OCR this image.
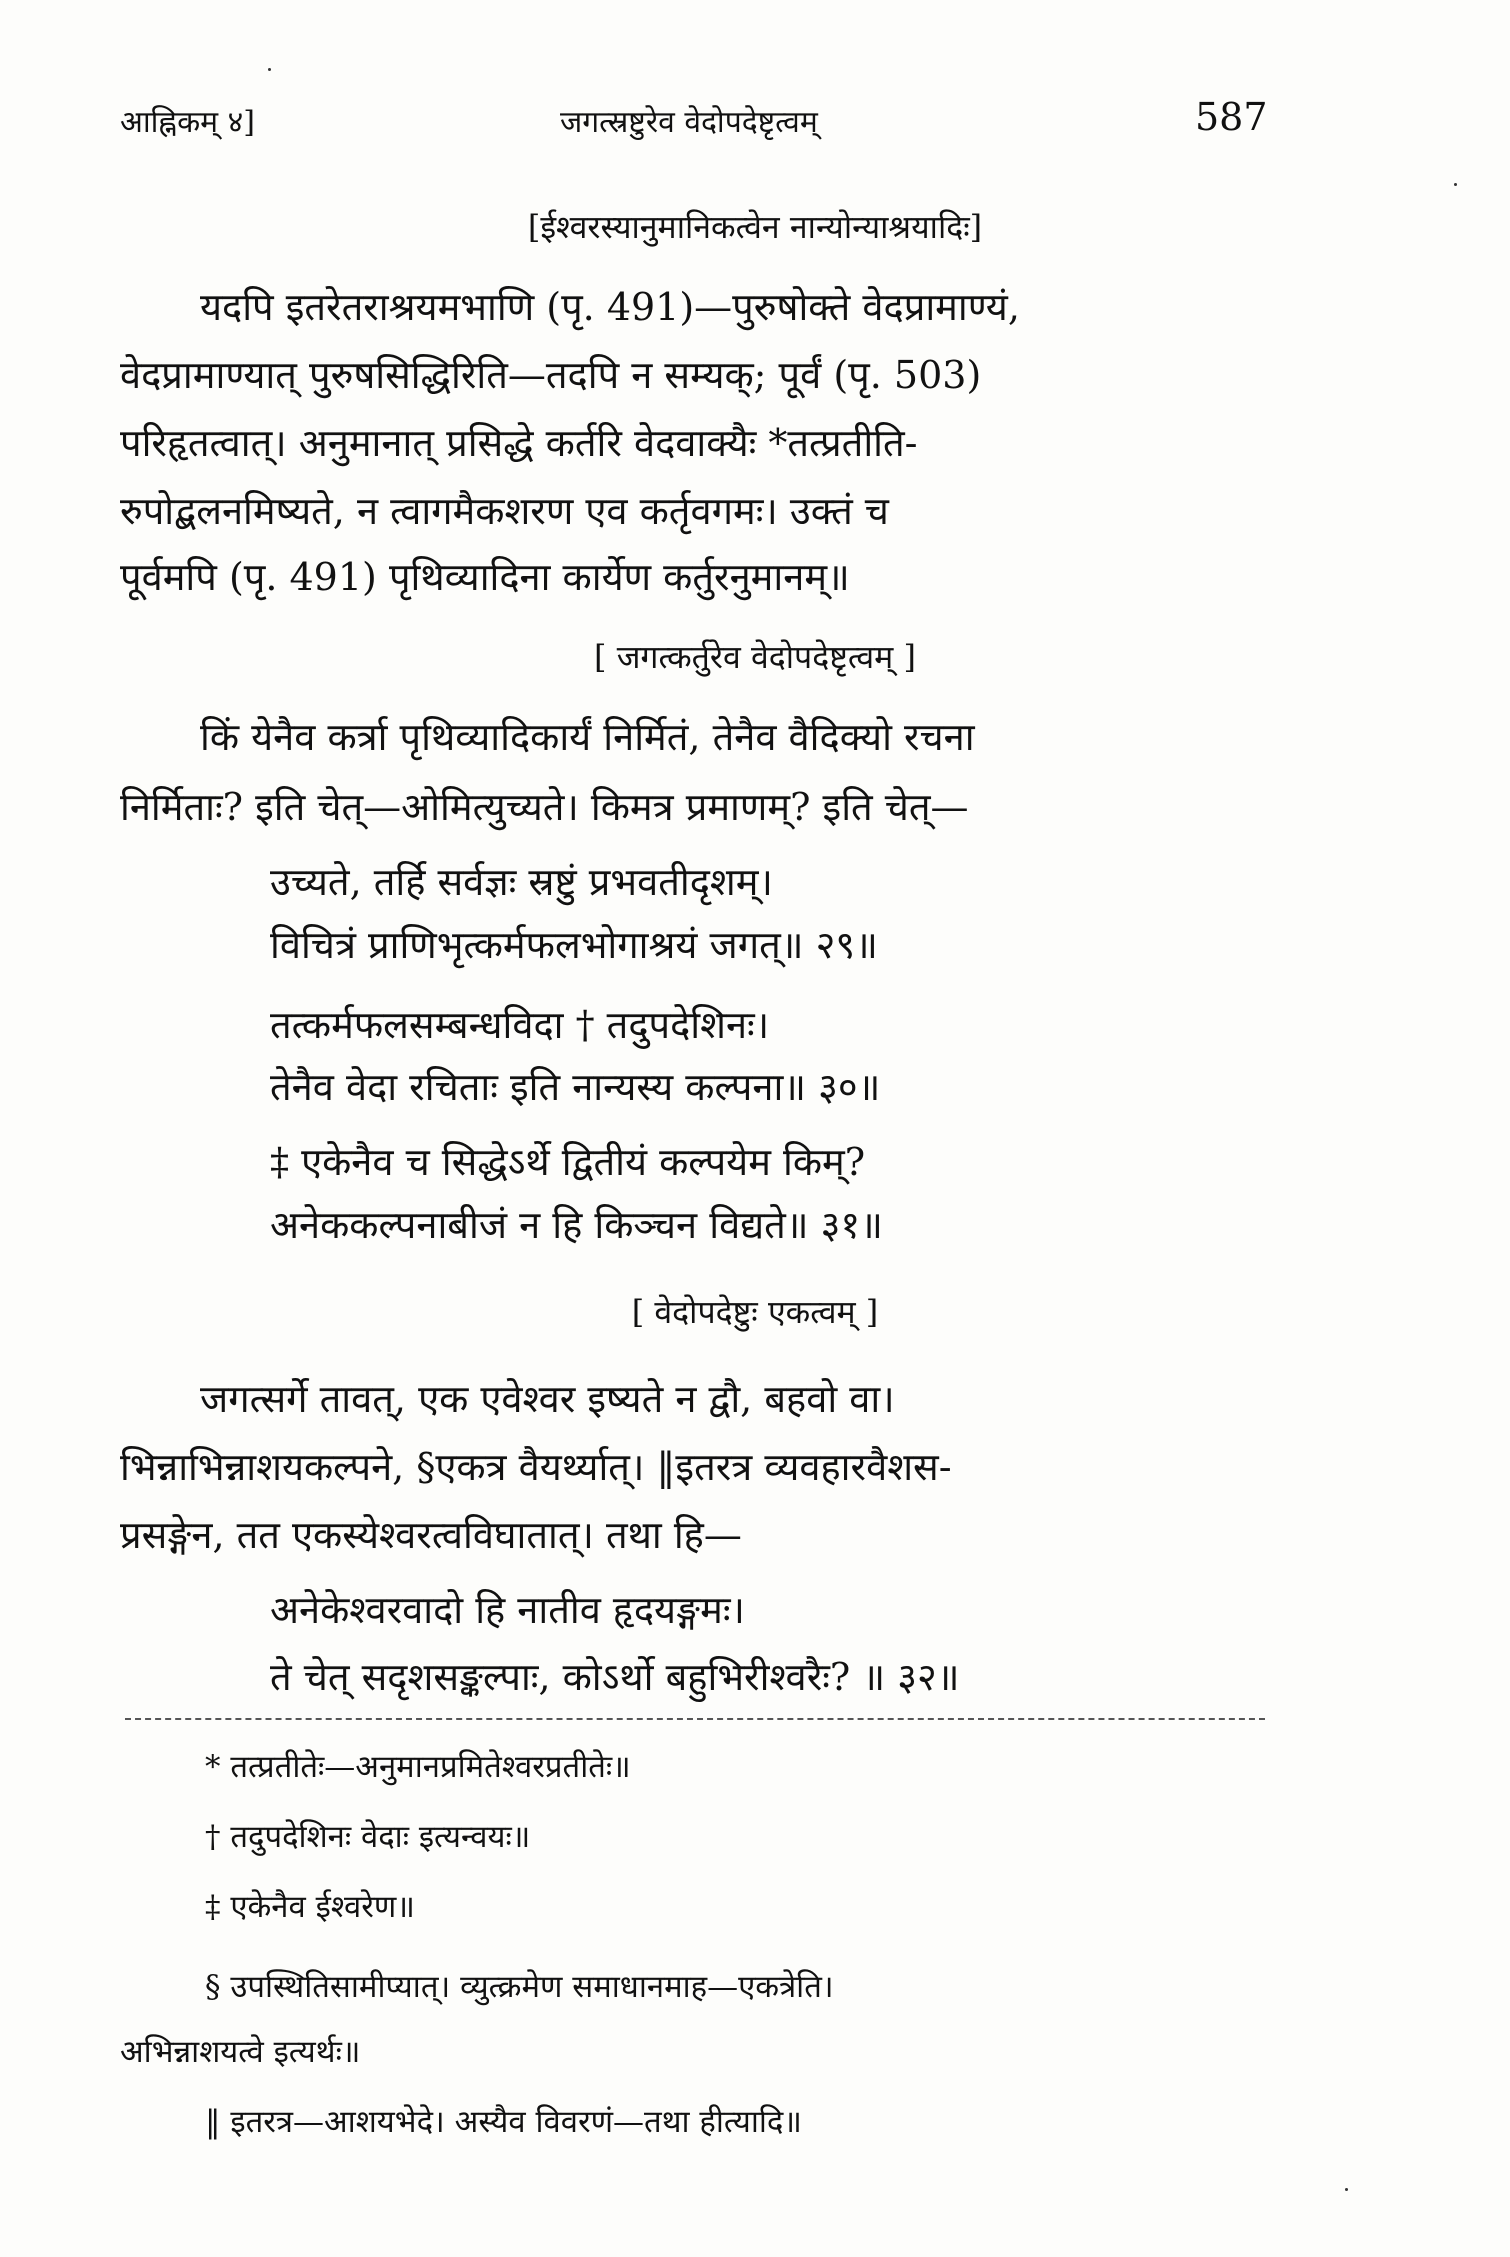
आह्निकम् ४]	जगत्स्रष्टुरेव वेदोपदेष्टृत्वम्	587
[ईश्वरस्यानुमानिकत्वेन नान्योन्याश्रयादिः]
यदपि इतरेतराश्रयमभाणि (पृ. 491)—पुरुषोक्ते वेदप्रामाण्यं,
वेदप्रामाण्यात् पुरुषसिद्धिरिति—तदपि न सम्यक्; पूर्वं (पृ. 503)
परिहृतत्वात्। अनुमानात् प्रसिद्धे कर्तरि वेदवाक्यैः *तत्प्रतीति-
रुपोद्बलनमिष्यते, न त्वागमैकशरण एव कर्तृवगमः। उक्तं च
पूर्वमपि (पृ. 491) पृथिव्यादिना कार्येण कर्तुरनुमानम्॥
[ जगत्कर्तुरेव वेदोपदेष्टृत्वम् ]
किं येनैव कर्त्रा पृथिव्यादिकार्यं निर्मितं, तेनैव वैदिक्यो रचना
निर्मिताः? इति चेत्—ओमित्युच्यते। किमत्र प्रमाणम्? इति चेत्—
उच्यते, तर्हि सर्वज्ञः स्रष्टुं प्रभवतीदृशम्।
विचित्रं प्राणिभृत्कर्मफलभोगाश्रयं जगत्॥ २९॥
तत्कर्मफलसम्बन्धविदा † तदुपदेशिनः।
तेनैव वेदा रचिताः इति नान्यस्य कल्पना॥ ३०॥
‡ एकेनैव च सिद्धेऽर्थे द्वितीयं कल्पयेम किम्?
अनेककल्पनाबीजं न हि किञ्चन विद्यते॥ ३१॥
[ वेदोपदेष्टुः एकत्वम् ]
जगत्सर्गे तावत्, एक एवेश्वर इष्यते न द्वौ, बहवो वा।
भिन्नाभिन्नाशयकल्पने, §एकत्र वैयर्थ्यात्। ‖इतरत्र व्यवहारवैशस-
प्रसङ्गेन, तत एकस्येश्वरत्वविघातात्। तथा हि—
अनेकेश्वरवादो हि नातीव हृदयङ्गमः।
ते चेत् सदृशसङ्कल्पाः, कोऽर्थो बहुभिरीश्वरैः? ॥ ३२॥
* तत्प्रतीतेः—अनुमानप्रमितेश्वरप्रतीतेः॥
† तदुपदेशिनः वेदाः इत्यन्वयः॥
‡ एकेनैव ईश्वरेण॥
§ उपस्थितिसामीप्यात्। व्युत्क्रमेण समाधानमाह—एकत्रेति।
अभिन्नाशयत्वे इत्यर्थः॥
‖ इतरत्र—आशयभेदे। अस्यैव विवरणं—तथा हीत्यादि॥
